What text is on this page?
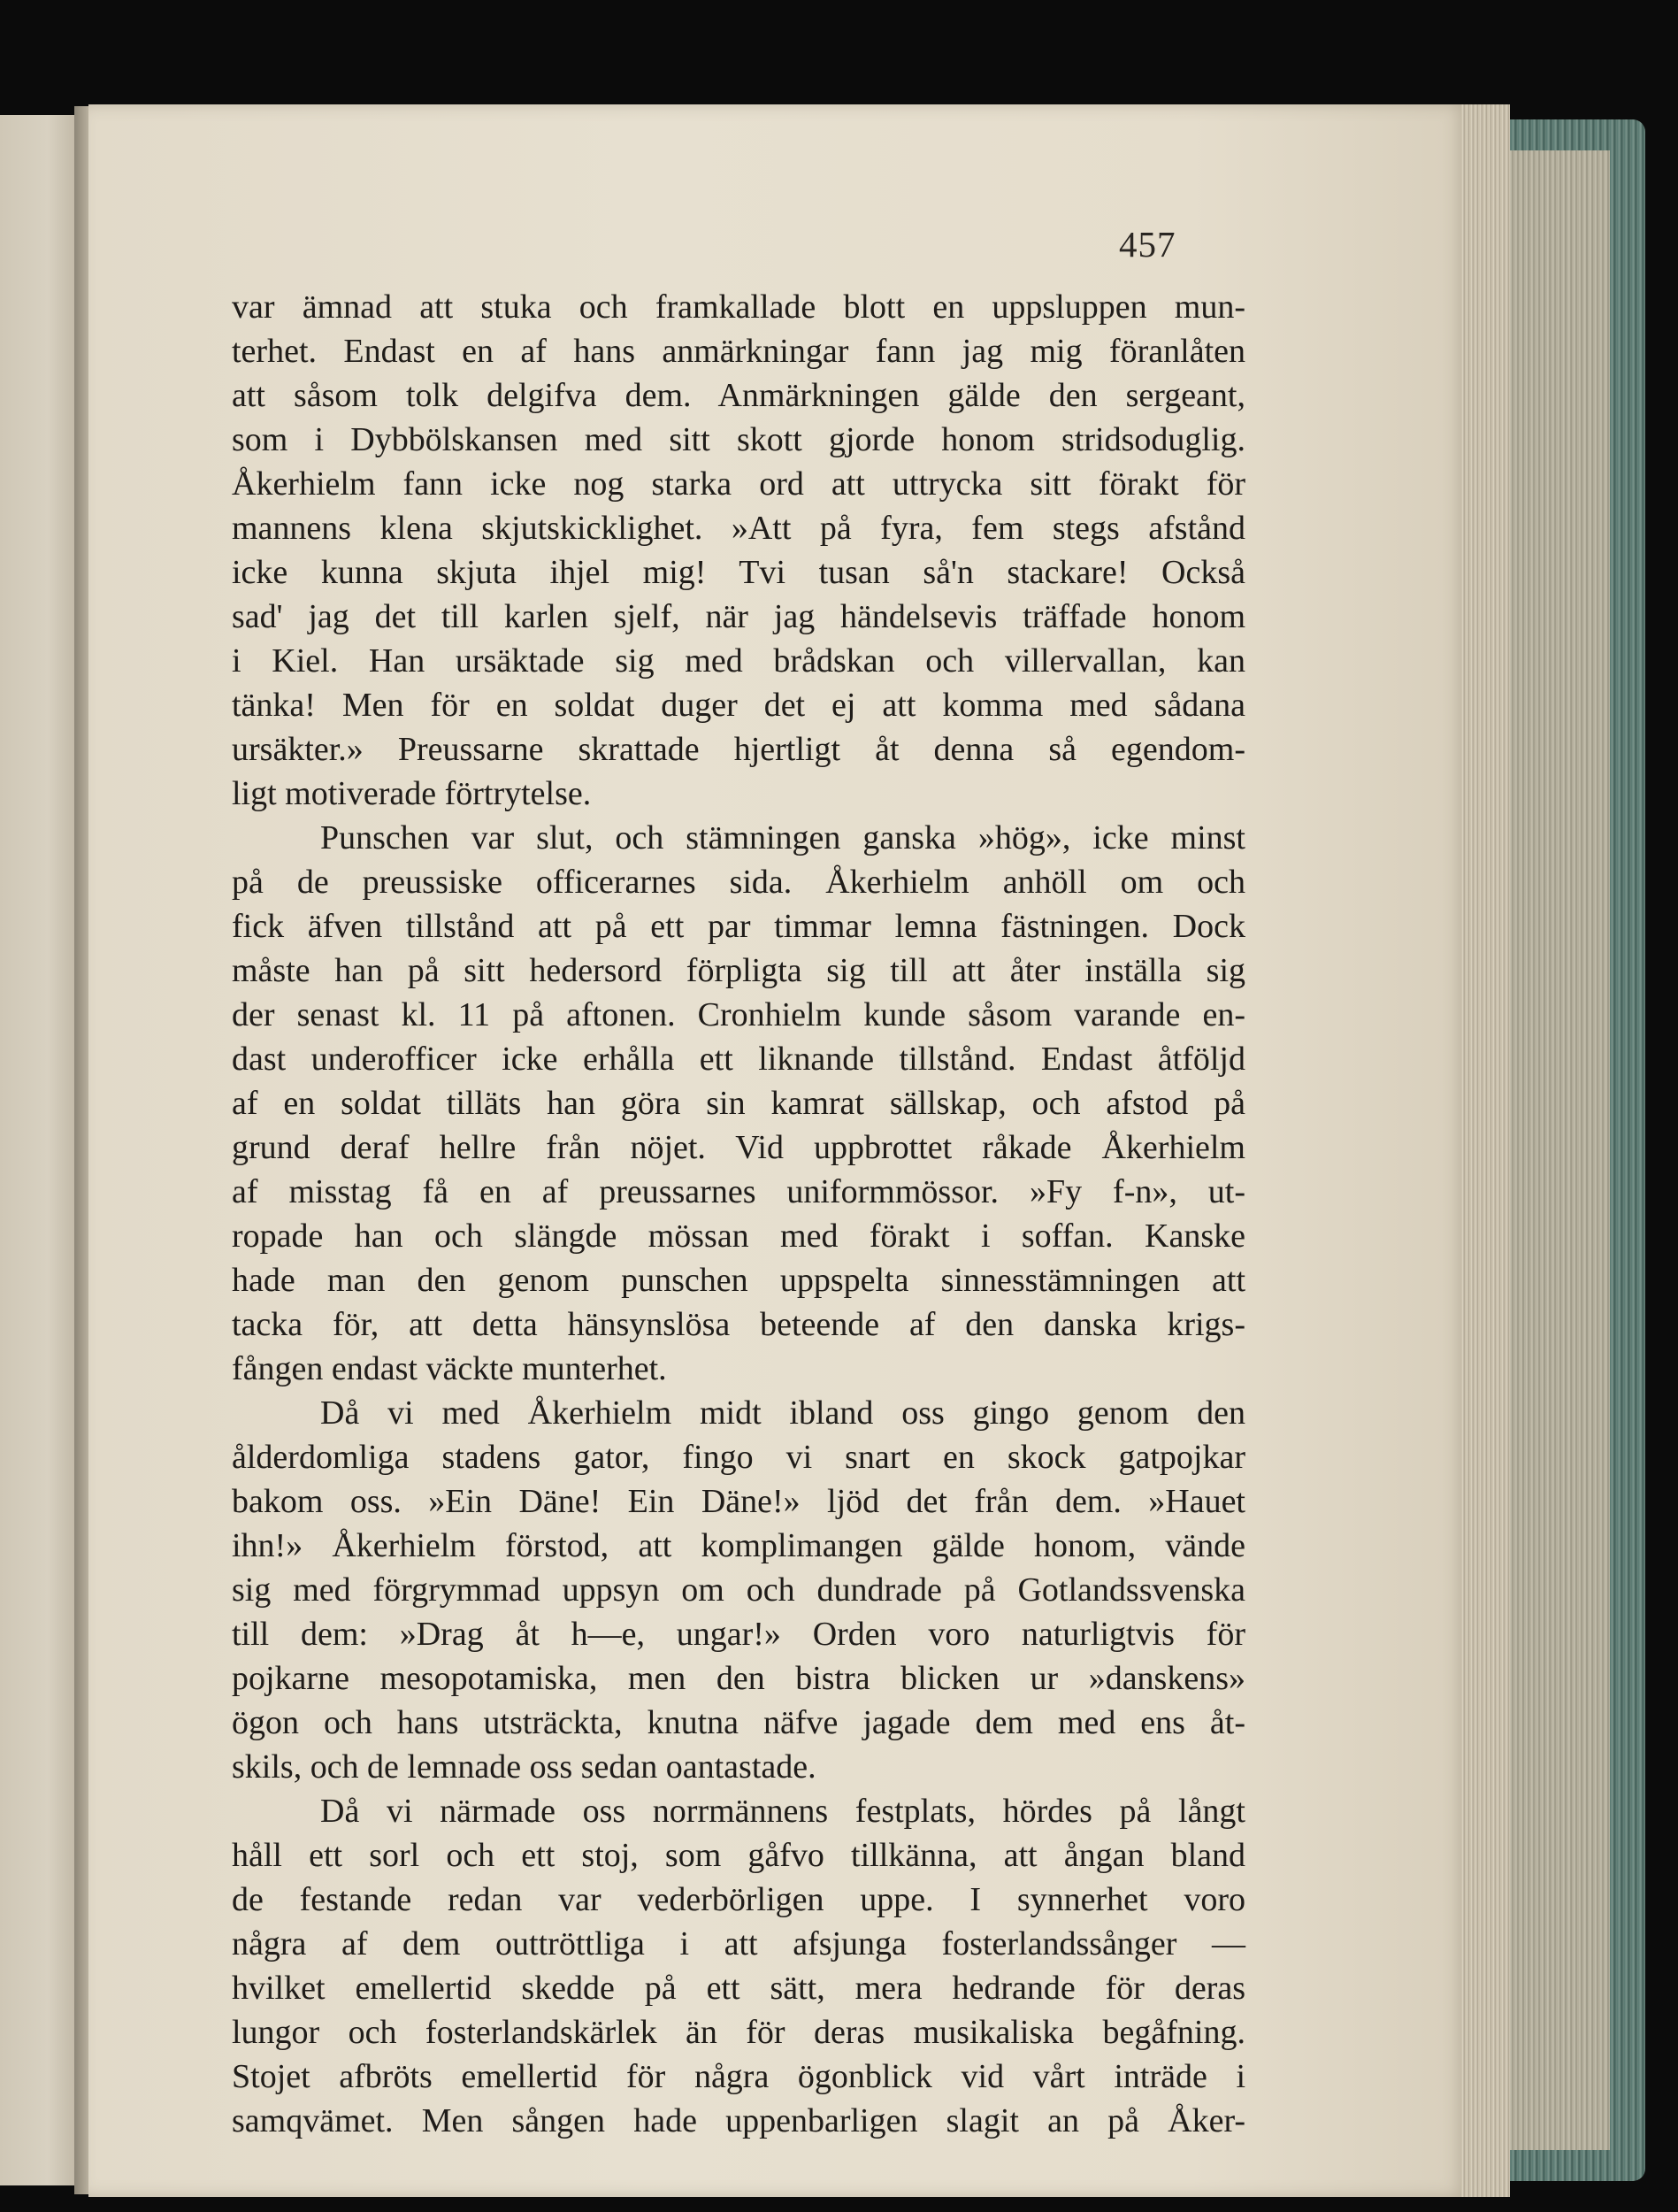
457
var ämnad att stuka och framkallade blott en uppsluppen mun-
terhet. Endast en af hans anmärkningar fann jag mig föranlåten
att såsom tolk delgifva dem. Anmärkningen gälde den sergeant,
som i Dybbölskansen med sitt skott gjorde honom stridsoduglig.
Åkerhielm fann icke nog starka ord att uttrycka sitt förakt för
mannens klena skjutskicklighet. »Att på fyra, fem stegs afstånd
icke kunna skjuta ihjel mig! Tvi tusan så'n stackare! Också
sad' jag det till karlen sjelf, när jag händelsevis träffade honom
i Kiel. Han ursäktade sig med brådskan och villervallan, kan
tänka! Men för en soldat duger det ej att komma med sådana
ursäkter.» Preussarne skrattade hjertligt åt denna så egendom-
ligt motiverade förtrytelse.
Punschen var slut, och stämningen ganska »hög», icke minst
på de preussiske officerarnes sida. Åkerhielm anhöll om och
fick äfven tillstånd att på ett par timmar lemna fästningen. Dock
måste han på sitt hedersord förpligta sig till att åter inställa sig
der senast kl. 11 på aftonen. Cronhielm kunde såsom varande en-
dast underofficer icke erhålla ett liknande tillstånd. Endast åtföljd
af en soldat tilläts han göra sin kamrat sällskap, och afstod på
grund deraf hellre från nöjet. Vid uppbrottet råkade Åkerhielm
af misstag få en af preussarnes uniformmössor. »Fy f-n», ut-
ropade han och slängde mössan med förakt i soffan. Kanske
hade man den genom punschen uppspelta sinnesstämningen att
tacka för, att detta hänsynslösa beteende af den danska krigs-
fången endast väckte munterhet.
Då vi med Åkerhielm midt ibland oss gingo genom den
ålderdomliga stadens gator, fingo vi snart en skock gatpojkar
bakom oss. »Ein Däne! Ein Däne!» ljöd det från dem. »Hauet
ihn!» Åkerhielm förstod, att komplimangen gälde honom, vände
sig med förgrymmad uppsyn om och dundrade på Gotlandssvenska
till dem: »Drag åt h—e, ungar!» Orden voro naturligtvis för
pojkarne mesopotamiska, men den bistra blicken ur »danskens»
ögon och hans utsträckta, knutna näfve jagade dem med ens åt-
skils, och de lemnade oss sedan oantastade.
Då vi närmade oss norrmännens festplats, hördes på långt
håll ett sorl och ett stoj, som gåfvo tillkänna, att ångan bland
de festande redan var vederbörligen uppe. I synnerhet voro
några af dem outtröttliga i att afsjunga fosterlandssånger —
hvilket emellertid skedde på ett sätt, mera hedrande för deras
lungor och fosterlandskärlek än för deras musikaliska begåfning.
Stojet afbröts emellertid för några ögonblick vid vårt inträde i
samqvämet. Men sången hade uppenbarligen slagit an på Åker-
